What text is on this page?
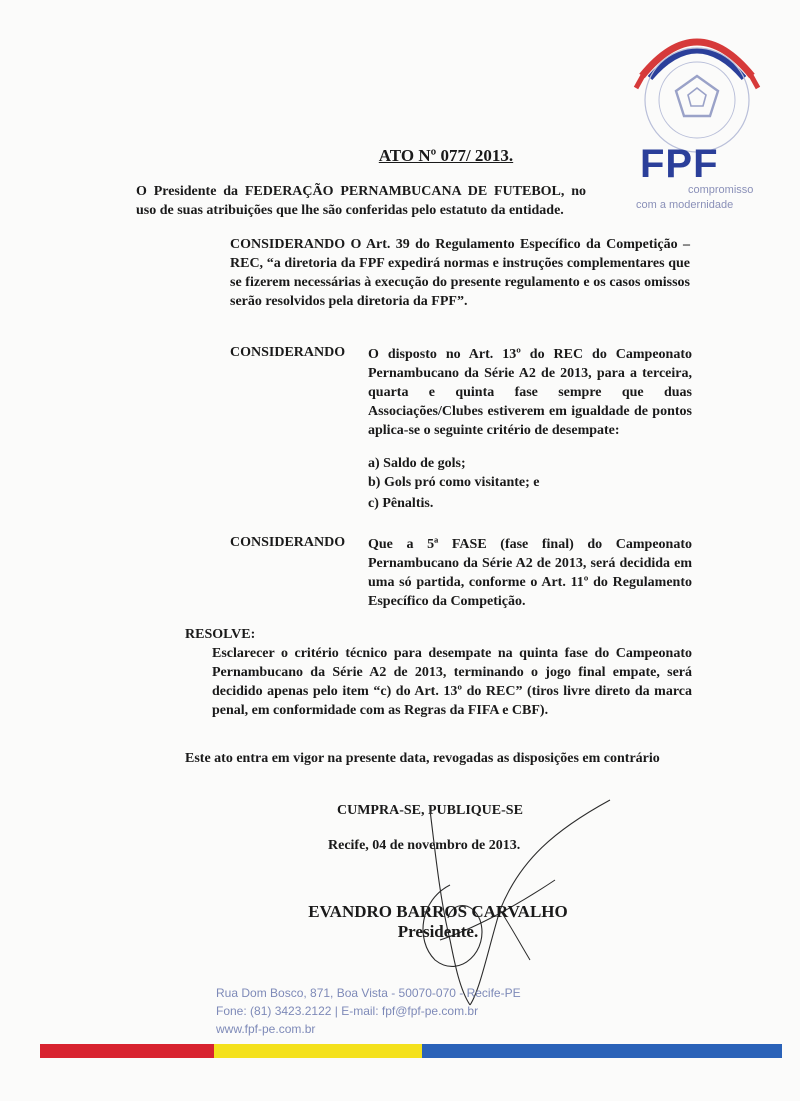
FPF
compromisso
com a modernidade
ATO Nº 077/ 2013.
O Presidente da FEDERAÇÃO PERNAMBUCANA DE FUTEBOL, no uso de suas atribuições que lhe são conferidas pelo estatuto da entidade.
CONSIDERANDO O Art. 39 do Regulamento Específico da Competição – REC, “a diretoria da FPF expedirá normas e instruções complementares que se fizerem necessárias à execução do presente regulamento e os casos omissos serão resolvidos pela diretoria da FPF”.
CONSIDERANDO O disposto no Art. 13º do REC do Campeonato Pernambucano da Série A2 de 2013, para a terceira, quarta e quinta fase sempre que duas Associações/Clubes estiverem em igualdade de pontos aplica-se o seguinte critério de desempate:
a) Saldo de gols;
b) Gols pró como visitante; e
c) Pênaltis.
CONSIDERANDO Que a 5ª FASE (fase final) do Campeonato Pernambucano da Série A2 de 2013, será decidida em uma só partida, conforme o Art. 11º do Regulamento Específico da Competição.
RESOLVE:
Esclarecer o critério técnico para desempate na quinta fase do Campeonato Pernambucano da Série A2 de 2013, terminando o jogo final empate, será decidido apenas pelo item “c) do Art. 13º do REC” (tiros livre direto da marca penal, em conformidade com as Regras da FIFA e CBF).
Este ato entra em vigor na presente data, revogadas as disposições em contrário
CUMPRA-SE, PUBLIQUE-SE
Recife, 04 de novembro de 2013.
EVANDRO BARROS CARVALHO
Presidente.
Rua Dom Bosco, 871, Boa Vista - 50070-070 - Recife-PE
Fone: (81) 3423.2122 | E-mail: fpf@fpf-pe.com.br
www.fpf-pe.com.br
